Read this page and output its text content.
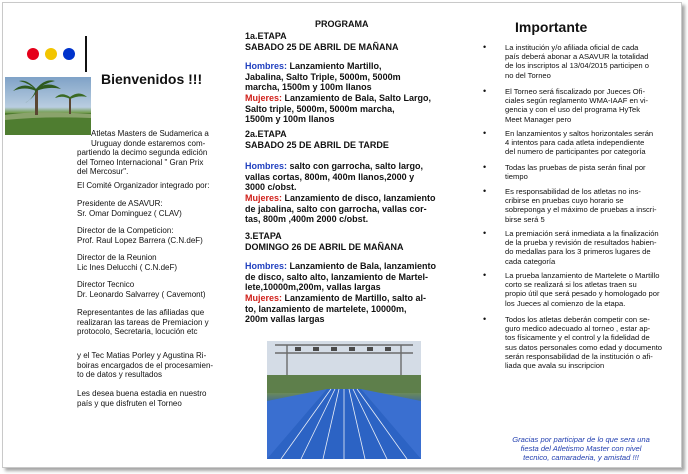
Bienvenidos !!!
Atletas Masters de Sudamerica a
Uruguay donde estaremos com-
partiendo la decimo segunda edición
del Torneo Internacional " Gran Prix
del Mercosur".
El Comité Organizador integrado por:
Presidente de ASAVUR:
Sr. Omar Dominguez ( CLAV)
Director de la Competicion:
Prof. Raul Lopez Barrera (C.N.deF)
Director de la Reunion
Lic Ines Delucchi ( C.N.deF)
Director Tecnico
Dr. Leonardo Salvarrey ( Cavemont)
Representantes de las afiliadas que
realizaran las tareas de Premiacion y
protocolo, Secretaria, locución etc
y el Tec Matias Porley y Agustina Ri-
boiras encargados de el procesamien-
to de datos y resultados
Les desea buena estadia en nuestro
país y que disfruten el Torneo
PROGRAMA
1a.ETAPA
SABADO 25 DE ABRIL DE MAÑANA
Hombres: Lanzamiento Martillo,
Jabalina, Salto Triple, 5000m, 5000m
marcha, 1500m y 100m llanos
Mujeres: Lanzamiento de Bala, Salto Largo,
Salto triple, 5000m, 5000m marcha,
1500m y 100m llanos
2a.ETAPA
SABADO 25 DE ABRIL DE TARDE
Hombres: salto con garrocha, salto largo,
vallas cortas, 800m, 400m llanos,2000 y
3000 c/obst.
Mujeres: Lanzamiento de disco, lanzamiento
de jabalina, salto con garrocha, vallas cor-
tas, 800m ,400m 2000 c/obst.
3.ETAPA
DOMINGO 26 DE ABRIL DE MAÑANA
Hombres: Lanzamiento de Bala, lanzamiento
de disco, salto alto, lanzamiento de Martel-
lete,10000m,200m, vallas largas
Mujeres: Lanzamiento de Martillo, salto al-
to, lanzamiento de martelete, 10000m,
200m vallas largas
Importante
• La institución y/o afiliada oficial de cada
país deberá abonar a ASAVUR la totalidad
de los inscriptos al 13/04/2015 participen o
no del Torneo
• El Torneo será fiscalizado por Jueces Ofi-
ciales según reglamento WMA-IAAF en vi-
gencia y con el uso del programa HyTek
Meet Manager pero
• En lanzamientos y saltos horizontales serán
4 intentos para cada atleta independiente
del numero de participantes por categoría
• Todas las pruebas de pista serán final por
tiempo
• Es responsabilidad de los atletas no ins-
cribirse en pruebas cuyo horario se
sobreponga y el máximo de pruebas a inscri-
birse será 5
• La premiación será inmediata a la finalización
de la prueba y revisión de resultados habien-
do medallas para los 3 primeros lugares de
cada categoría
• La prueba lanzamiento de Martelete o Martillo
corto se realizará si los atletas traen su
propio útil que será pesado y homologado por
los Jueces al comienzo de la etapa.
• Todos los atletas deberán competir con se-
guro medico adecuado al torneo , estar ap-
tos físicamente y el control y la fidelidad de
sus datos personales como edad y documento
serán responsabilidad de la institución o afi-
liada que avala su inscripcion
Gracias por participar de lo que sera una
fiesta del Atletismo Master con nivel
tecnico, camaraderia, y amistad !!!
